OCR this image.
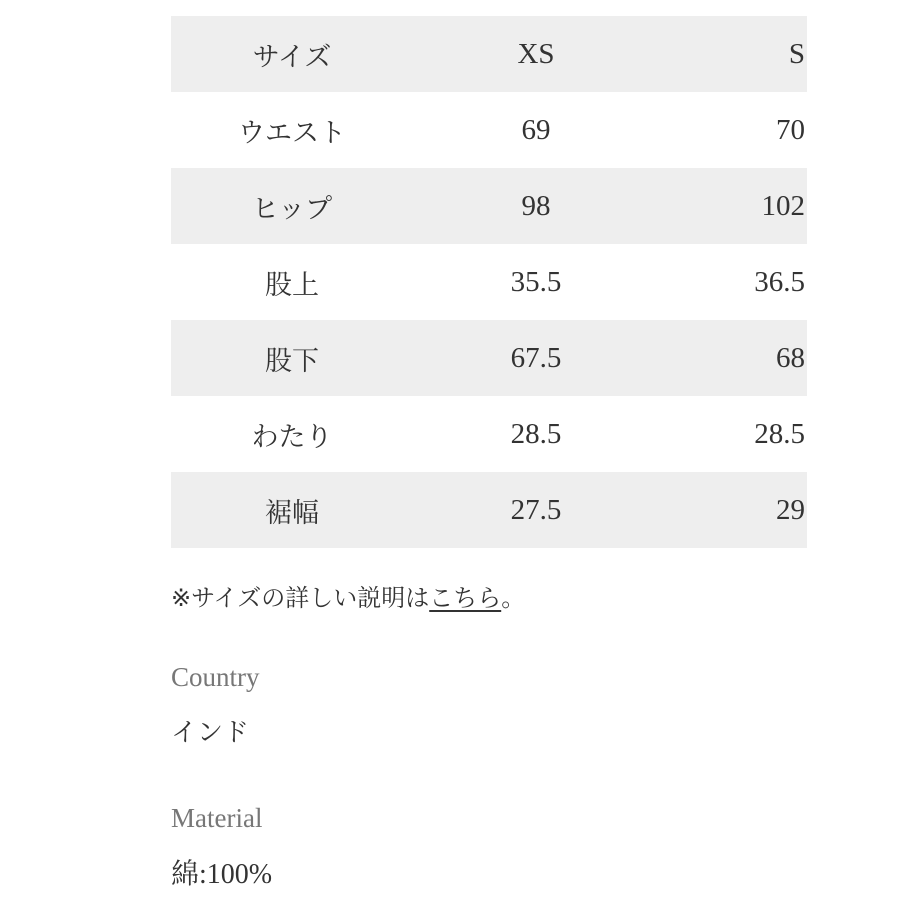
サイズ	XS	S
ウエスト	69	70
ヒップ	98	102
股上	35.5	36.5
股下	67.5	68
わたり	28.5	28.5
裾幅	27.5	29
※サイズの詳しい説明はこちら。
Country
インド
Material
綿:100%
